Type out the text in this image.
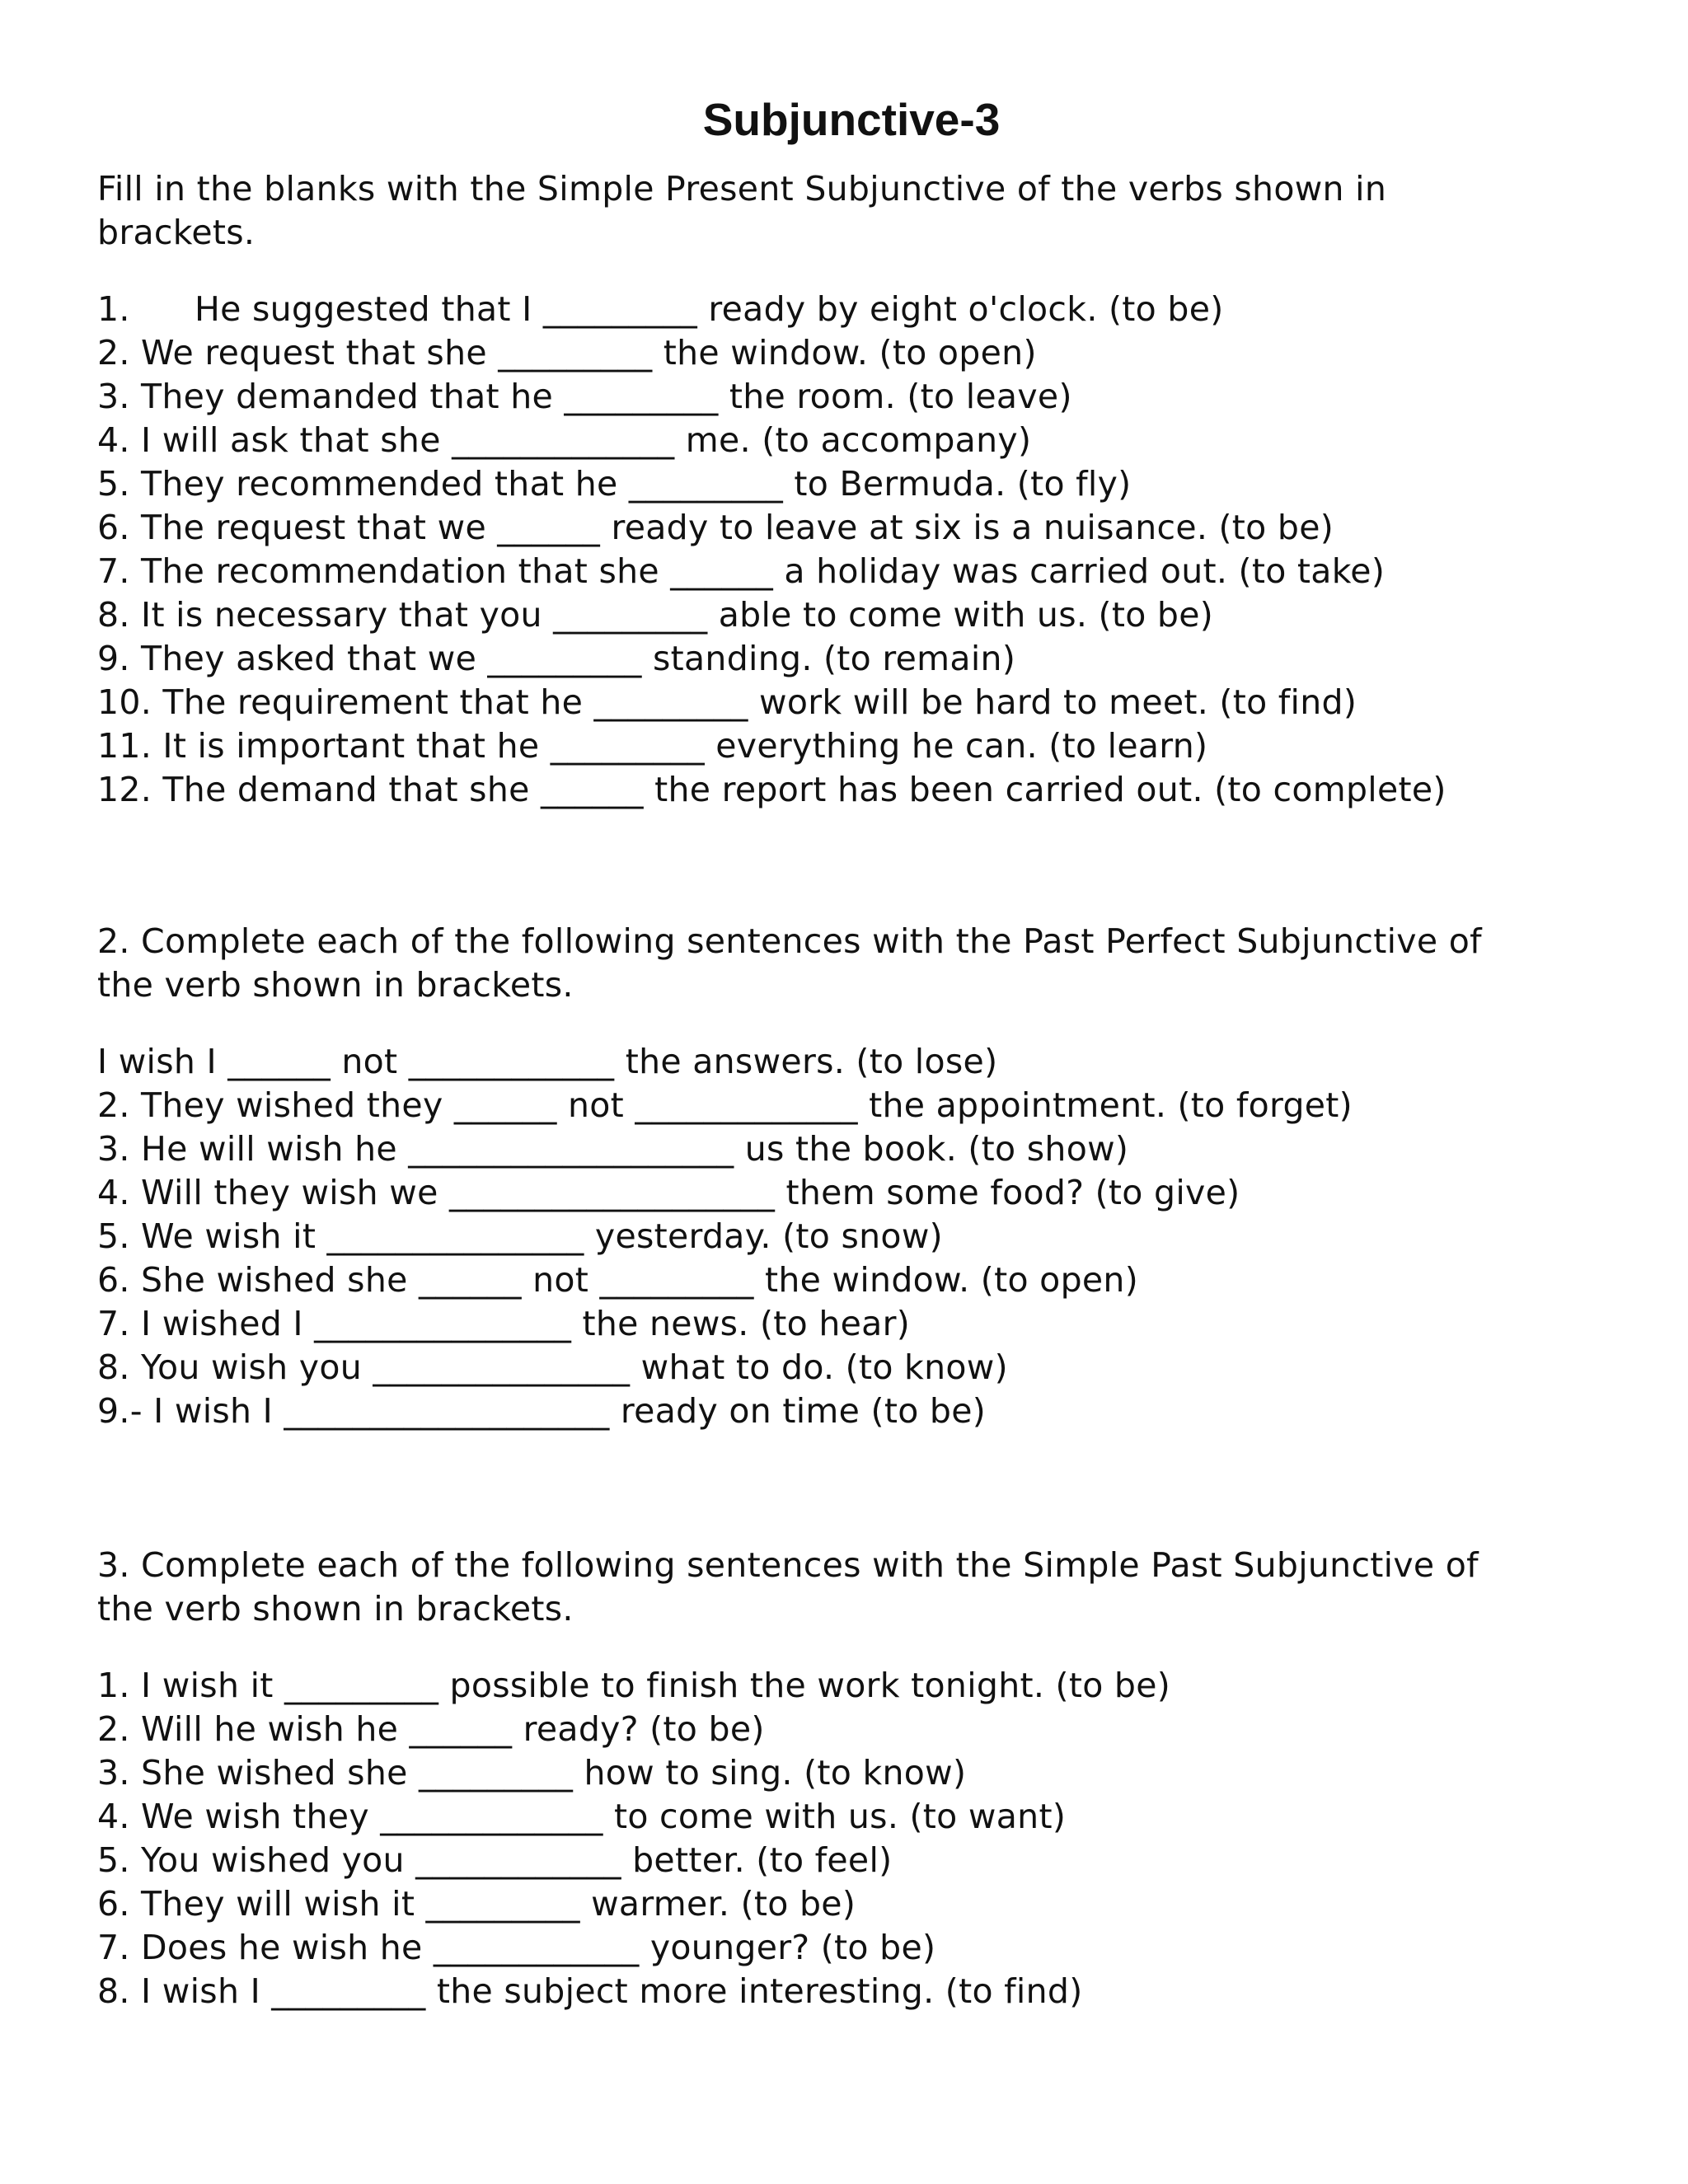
Subjunctive-3
Fill in the blanks with the Simple Present Subjunctive of the verbs shown in
brackets.
1. He suggested that I _________ ready by eight o'clock. (to be)
2. We request that she _________ the window. (to open)
3. They demanded that he _________ the room. (to leave)
4. I will ask that she _____________ me. (to accompany)
5. They recommended that he _________ to Bermuda. (to fly)
6. The request that we ______ ready to leave at six is a nuisance. (to be)
7. The recommendation that she ______ a holiday was carried out. (to take)
8. It is necessary that you _________ able to come with us. (to be)
9. They asked that we _________ standing. (to remain)
10. The requirement that he _________ work will be hard to meet. (to find)
11. It is important that he _________ everything he can. (to learn)
12. The demand that she ______ the report has been carried out. (to complete)
2. Complete each of the following sentences with the Past Perfect Subjunctive of
the verb shown in brackets.
I wish I ______ not ____________ the answers. (to lose)
2. They wished they ______ not _____________ the appointment. (to forget)
3. He will wish he ___________________ us the book. (to show)
4. Will they wish we ___________________ them some food? (to give)
5. We wish it _______________ yesterday. (to snow)
6. She wished she ______ not _________ the window. (to open)
7. I wished I _______________ the news. (to hear)
8. You wish you _______________ what to do. (to know)
9.- I wish I ___________________ ready on time (to be)
3. Complete each of the following sentences with the Simple Past Subjunctive of
the verb shown in brackets.
1. I wish it _________ possible to finish the work tonight. (to be)
2. Will he wish he ______ ready? (to be)
3. She wished she _________ how to sing. (to know)
4. We wish they _____________ to come with us. (to want)
5. You wished you ____________ better. (to feel)
6. They will wish it _________ warmer. (to be)
7. Does he wish he ____________ younger? (to be)
8. I wish I _________ the subject more interesting. (to find)
